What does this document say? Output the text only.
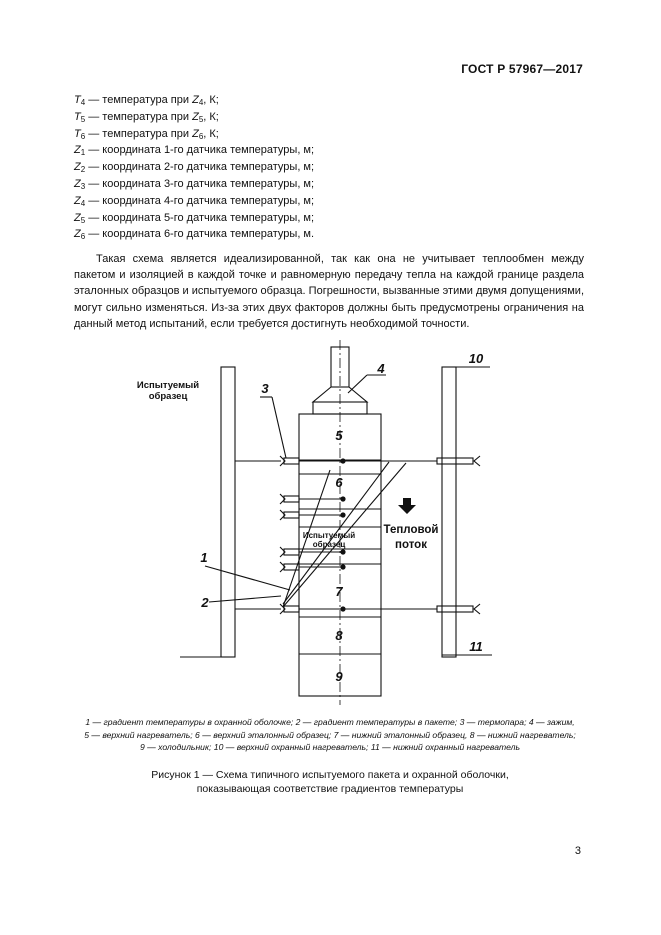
ГОСТ Р 57967—2017
$T_4$ — температура при $Z_4$, К;
$T_5$ — температура при $Z_5$, К;
$T_6$ — температура при $Z_6$, К;
$Z_1$ — координата 1-го датчика температуры, м;
$Z_2$ — координата 2-го датчика температуры, м;
$Z_3$ — координата 3-го датчика температуры, м;
$Z_4$ — координата 4-го датчика температуры, м;
$Z_5$ — координата 5-го датчика температуры, м;
$Z_6$ — координата 6-го датчика температуры, м.

Такая схема является идеализированной, так как она не учитывает теплообмен между пакетом и изоляцией в каждой точке и равномерную передачу тепла на каждой границе раздела эталонных образцов и испытуемого образца. Погрешности, вызванные этими двумя допущениями, могут сильно изменяться. Из-за этих двух факторов должны быть предусмотрены ограничения на данный метод испытаний, если требуется достигнуть необходимой точности.

Испытуемый
образец
Испытуемый
образец
Тепловой
поток
1
2
3
4
5
6
7
8
9
10
11
1 — градиент температуры в охранной оболочке; 2 — градиент температуры в пакете; 3 — термопара; 4 — зажим,
5 — верхний нагреватель; 6 — верхний эталонный образец; 7 — нижний эталонный образец, 8 — нижний нагреватель;
9 — холодильник; 10 — верхний охранный нагреватель; 11 — нижний охранный нагреватель
Рисунок 1 — Схема типичного испытуемого пакета и охранной оболочки,
показывающая соответствие градиентов температуры
3
